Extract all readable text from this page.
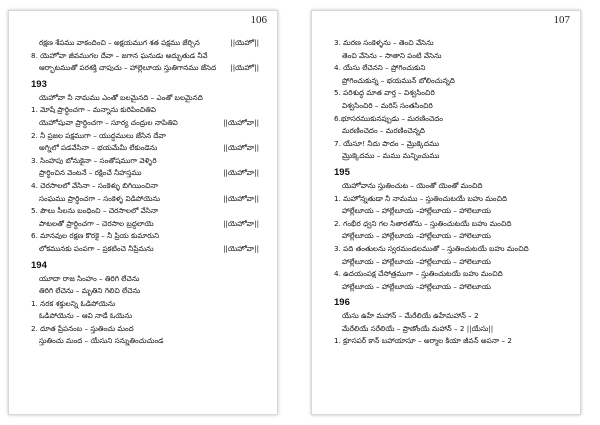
106
రక్షణ శేపము వాకందించి – అక్షయముగ శత పక్షము జేర్చిన	||యెహో||
8. యెహోవా జీవముగల దేవా – జగాన ఘనుడు అద్భుతుడ నీవే
ఆర్భాటముతో పరశక్తి చాపుచు – హాల్లెలూయ స్తుతిగానము జేసెద ||యెహో||
193
యెహోవా నీ నామము ఎంతో బలమైనది – ఎంతో బలమైనది
1. మోషే ప్రార్థించగా – మన్నాను కురిపించితివి
యెహోషువా ప్రార్థించగా – సూర్య చంద్రుల నాపితివి	||యెహోవా||
2. నీ ప్రజల పక్షముగా – యుద్ధములు జేసిన దేవా
అగ్నిలో పడవేసినా – భయమేమీ లేకుండెను	||యెహోవా||
3. సింహపు బోనుకైనా – సంతోషముగా వెళ్ళిరి
ప్రార్థించిన వెంటనే – రక్షించే నీహస్తము	||యెహోవా||
4. చెరసాలలో వేసినా – సంకెళ్ళు బిగియించినా
సంఘము ప్రార్థించగా – సంకెళ్ళ విడిపోయెను	||యెహోవా||
5. పౌలు సీలను బంధించి – చెరసాలలో వేసినా
పాటలతో ప్రార్థించగా – చెరసాల బ్రద్దలాయె	||యెహోవా||
6. మానవుల రక్షణ కొరకై – నీ ప్రియ కుమారుని
లోకమునకు పంపగా – ప్రకటించె నీప్రేమను	||యెహోవా||
194
యూదా రాజ సింహం – తిరిగి లేచెను
తిరిగి లేచెను – మృతిని గెలిచి లేచెను
1. నరక శక్తులన్ని ఓడిపోయెను
ఓడిపోయెను – ఆవి నాడే ఓయెను
2. దూత ప్రేపనంబ – స్తుతించు మంద
స్తుతించు మంద – యేసుని సన్నుతించుచుండ
107
3. మరణ సంకెళ్ళను – తెంచి వేసెను
తెంచి వేసెను – సాతాని పంటి వేసెను
4. యేసు లేచెనని – ప్రోగించుకుని
ప్రోగించుకున్న – భయమున్ బోలించున్నది
5. పరిశుద్ధ మాత వార్త – విశ్వసించిరి
విశ్వసించిరి – మరిస్ సంతసించిరి
6.భూసరముకునప్పుడు – మరణించెదం
మరణించెదం – మరణించెన్నది
7. యేసూ! నీదు పాదం – మ్రొక్కెదము
మ్రొక్కెదము – మము మన్నించుము
195
యెహోవాను స్తుతించుట – యెంతో యెంతో మంచిది
1. మహోన్నతుడా నీ నామము – స్తుతించుటయే బహు మంచిది
హాల్లేలూయ – హాల్లేలూయ –హాల్లేలూయ – హాలెలూయ
2. గంభీర ధ్వని గల సితారతోను – స్తుతించుటయే బహు మంచిది
హాల్లేలూయ – హాల్లేలూయ –హాల్లేలూయ – హాలెలూయ
3. పది తంతులను స్వరమండలముతో – స్తుతించుటయే బహు మంచిది
హాల్లేలూయ – హాల్లేలూయ –హాల్లేలూయ – హాలెలూయ
4. ఉదయంపక్ష చేసోత్రముగా – స్తుతించుటయే బహు మంచిది
హాల్లేలూయ – హాల్లేలూయ –హాల్లేలూయ – హాలెలూయ
196
యేసు ఉహే మహాన్ – మేరేలియే ఉహేమహాన్ – 2
మేరేలియే సరేలియే – ప్రాణోంయే మహాన్ – 2 ||యేసు||
1. క్రూసపర్ కాన్ బహాయాసూ – అర్మాల కియా జీవన్ అపనా – 2
